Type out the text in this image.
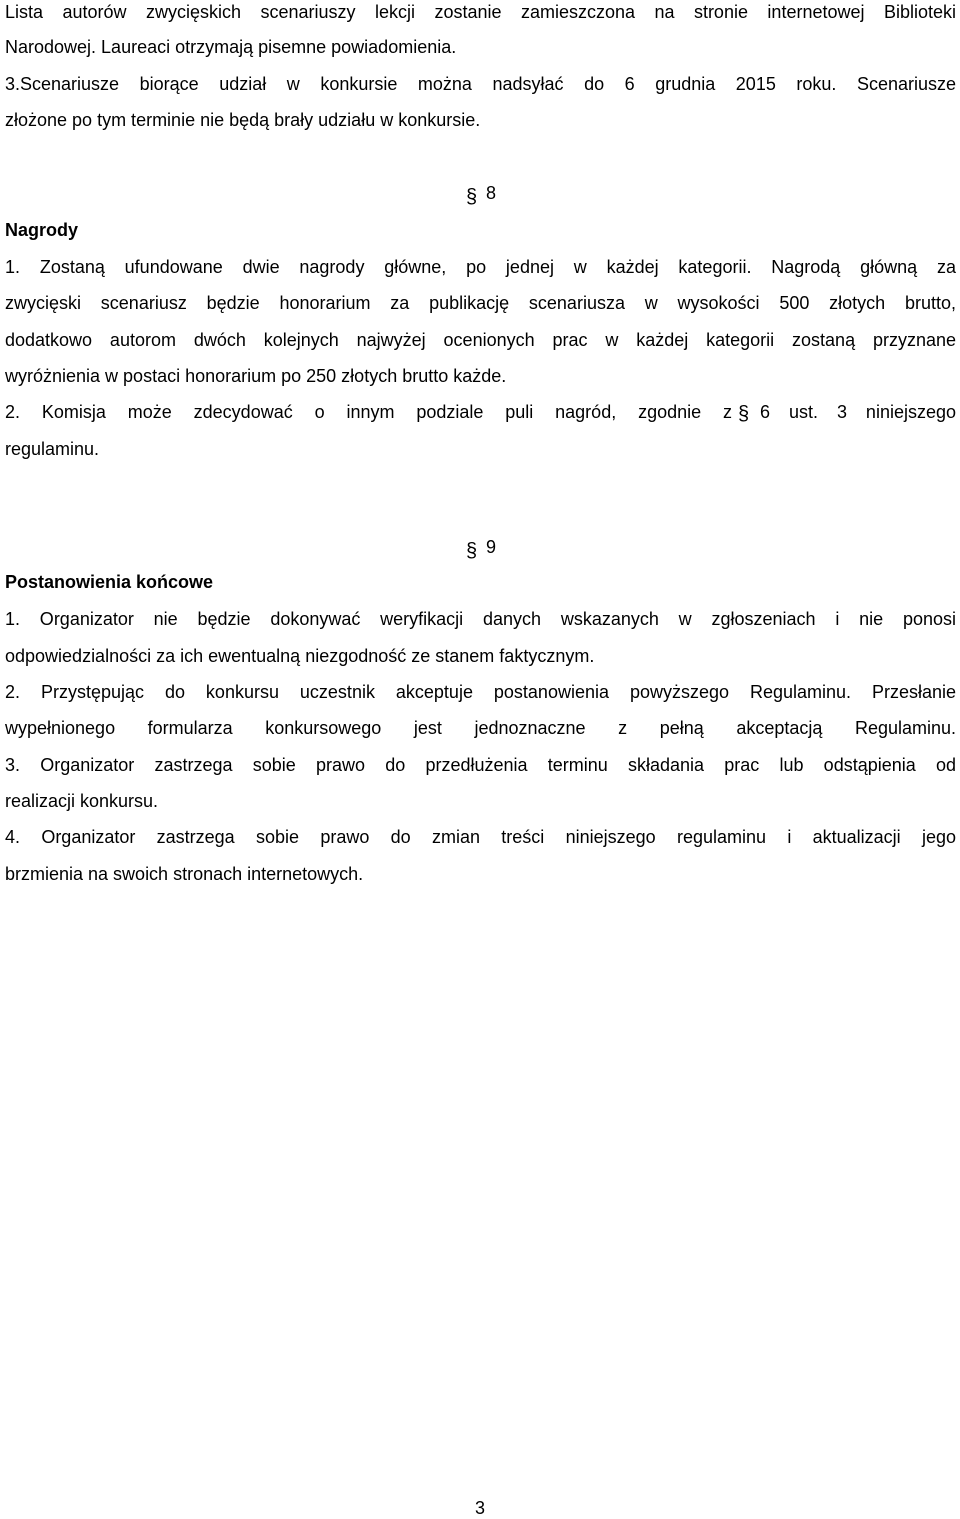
Lista autorów zwycięskich scenariuszy lekcji zostanie zamieszczona na stronie internetowej Biblioteki
Narodowej. Laureaci otrzymają pisemne powiadomienia.
3.Scenariusze biorące udział w konkursie można nadsyłać do 6 grudnia 2015 roku. Scenariusze
złożone po tym terminie nie będą brały udziału w konkursie.
§ 8
Nagrody
1. Zostaną ufundowane dwie nagrody główne, po jednej w każdej kategorii. Nagrodą główną za
zwycięski scenariusz będzie honorarium za publikację scenariusza w wysokości 500 złotych brutto,
dodatkowo autorom dwóch kolejnych najwyżej ocenionych prac w każdej kategorii zostaną przyznane
wyróżnienia w postaci honorarium po 250 złotych brutto każde.
2. Komisja może zdecydować o innym podziale puli nagród, zgodnie z § 6 ust. 3 niniejszego
regulaminu.
§ 9
Postanowienia końcowe
1. Organizator nie będzie dokonywać weryfikacji danych wskazanych w zgłoszeniach i nie ponosi
odpowiedzialności za ich ewentualną niezgodność ze stanem faktycznym.
2. Przystępując do konkursu uczestnik akceptuje postanowienia powyższego Regulaminu. Przesłanie
wypełnionego formularza konkursowego jest jednoznaczne z pełną akceptacją Regulaminu.
3. Organizator zastrzega sobie prawo do przedłużenia terminu składania prac lub odstąpienia od
realizacji konkursu.
4. Organizator zastrzega sobie prawo do zmian treści niniejszego regulaminu i aktualizacji jego
brzmienia na swoich stronach internetowych.
3
